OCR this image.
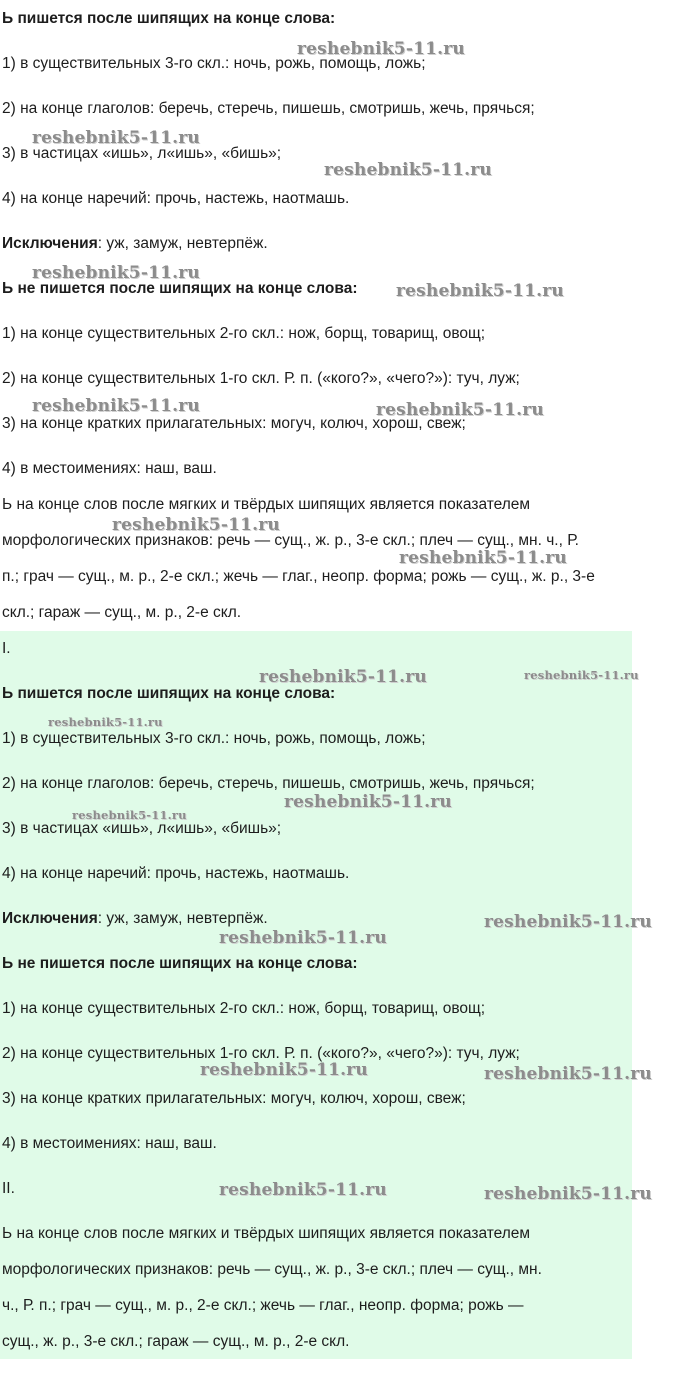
Ь пишется после шипящих на конце слова:
1) в существительных 3-го скл.: ночь, рожь, помощь, ложь;
2) на конце глаголов: беречь, стеречь, пишешь, смотришь, жечь, прячься;
3) в частицах «ишь», л«ишь», «бишь»;
4) на конце наречий: прочь, настежь, наотмашь.
Исключения: уж, замуж, невтерпёж.
Ь не пишется после шипящих на конце слова:
1) на конце существительных 2-го скл.: нож, борщ, товарищ, овощ;
2) на конце существительных 1-го скл. Р. п. («кого?», «чего?»): туч, луж;
3) на конце кратких прилагательных: могуч, колюч, хорош, свеж;
4) в местоимениях: наш, ваш.
Ь на конце слов после мягких и твёрдых шипящих является показателем
морфологических признаков: речь — сущ., ж. р., 3-е скл.; плеч — сущ., мн. ч., Р.
п.; грач — сущ., м. р., 2-е скл.; жечь — глаг., неопр. форма; рожь — сущ., ж. р., 3-е
скл.; гараж — сущ., м. р., 2-е скл.
I.
Ь пишется после шипящих на конце слова:
1) в существительных 3-го скл.: ночь, рожь, помощь, ложь;
2) на конце глаголов: беречь, стеречь, пишешь, смотришь, жечь, прячься;
3) в частицах «ишь», л«ишь», «бишь»;
4) на конце наречий: прочь, настежь, наотмашь.
Исключения: уж, замуж, невтерпёж.
Ь не пишется после шипящих на конце слова:
1) на конце существительных 2-го скл.: нож, борщ, товарищ, овощ;
2) на конце существительных 1-го скл. Р. п. («кого?», «чего?»): туч, луж;
3) на конце кратких прилагательных: могуч, колюч, хорош, свеж;
4) в местоимениях: наш, ваш.
II.
Ь на конце слов после мягких и твёрдых шипящих является показателем
морфологических признаков: речь — сущ., ж. р., 3-е скл.; плеч — сущ., мн.
ч., Р. п.; грач — сущ., м. р., 2-е скл.; жечь — глаг., неопр. форма; рожь —
сущ., ж. р., 3-е скл.; гараж — сущ., м. р., 2-е скл.
reshebnik5-11.ru
reshebnik5-11.ru
reshebnik5-11.ru
reshebnik5-11.ru
reshebnik5-11.ru
reshebnik5-11.ru	reshebnik5-11.ru
reshebnik5-11.ru
reshebnik5-11.ru
reshebnik5-11.ru	reshebnik5-11.ru
reshebnik5-11.ru
reshebnik5-11.ru
reshebnik5-11.ru
reshebnik5-11.ru
reshebnik5-11.ru
reshebnik5-11.ru	reshebnik5-11.ru
reshebnik5-11.ru	reshebnik5-11.ru
